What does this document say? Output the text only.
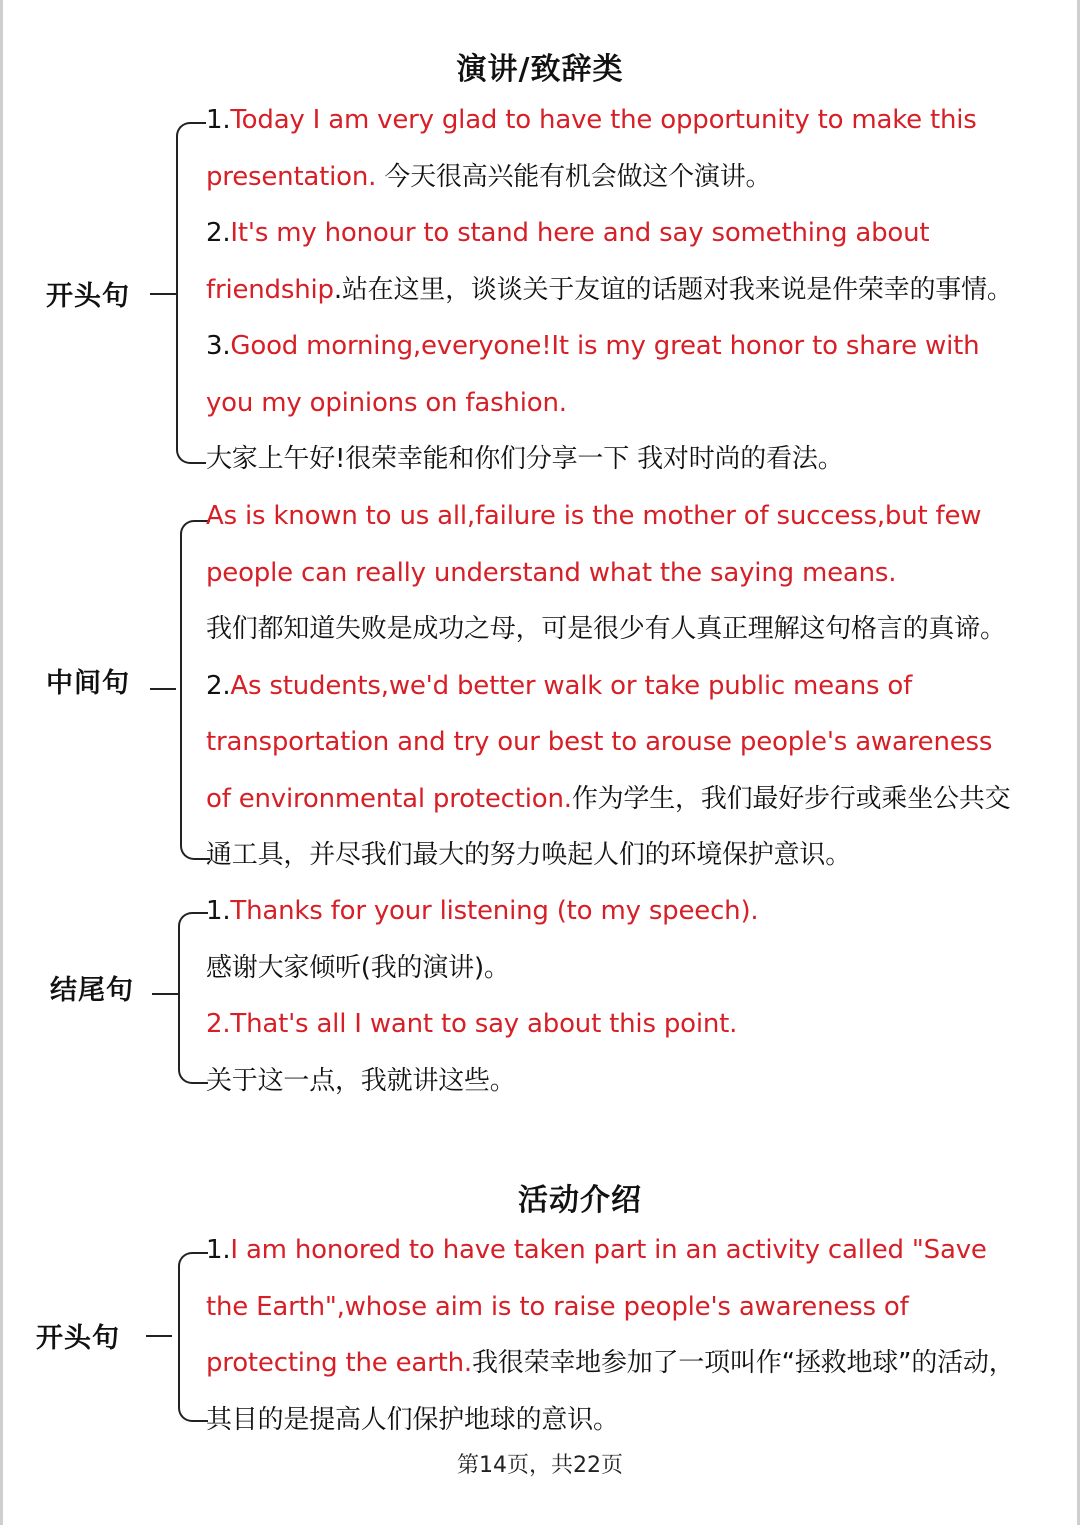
演讲/致辞类
开头句
中间句
结尾句
活动介绍
开头句
第14页，共22页
1.Today I am very glad to have the opportunity to make this
presentation. 今天很高兴能有机会做这个演讲。
2.It's my honour to stand here and say something about
friendship.站在这里，谈谈关于友谊的话题对我来说是件荣幸的事情。
3.Good morning,everyone!It is my great honor to share with
you my opinions on fashion.
大家上午好!很荣幸能和你们分享一下 我对时尚的看法。
As is known to us all,failure is the mother of success,but few
people can really understand what the saying means.
我们都知道失败是成功之母，可是很少有人真正理解这句格言的真谛。
2.As students,we'd better walk or take public means of
transportation and try our best to arouse people's awareness
of environmental protection.作为学生，我们最好步行或乘坐公共交
通工具，并尽我们最大的努力唤起人们的环境保护意识。
1.Thanks for your listening (to my speech).
感谢大家倾听(我的演讲)。
2.That's all I want to say about this point.
关于这一点，我就讲这些。
1.I am honored to have taken part in an activity called "Save
the Earth",whose aim is to raise people's awareness of
protecting the earth.我很荣幸地参加了一项叫作“拯救地球”的活动，
其目的是提高人们保护地球的意识。
